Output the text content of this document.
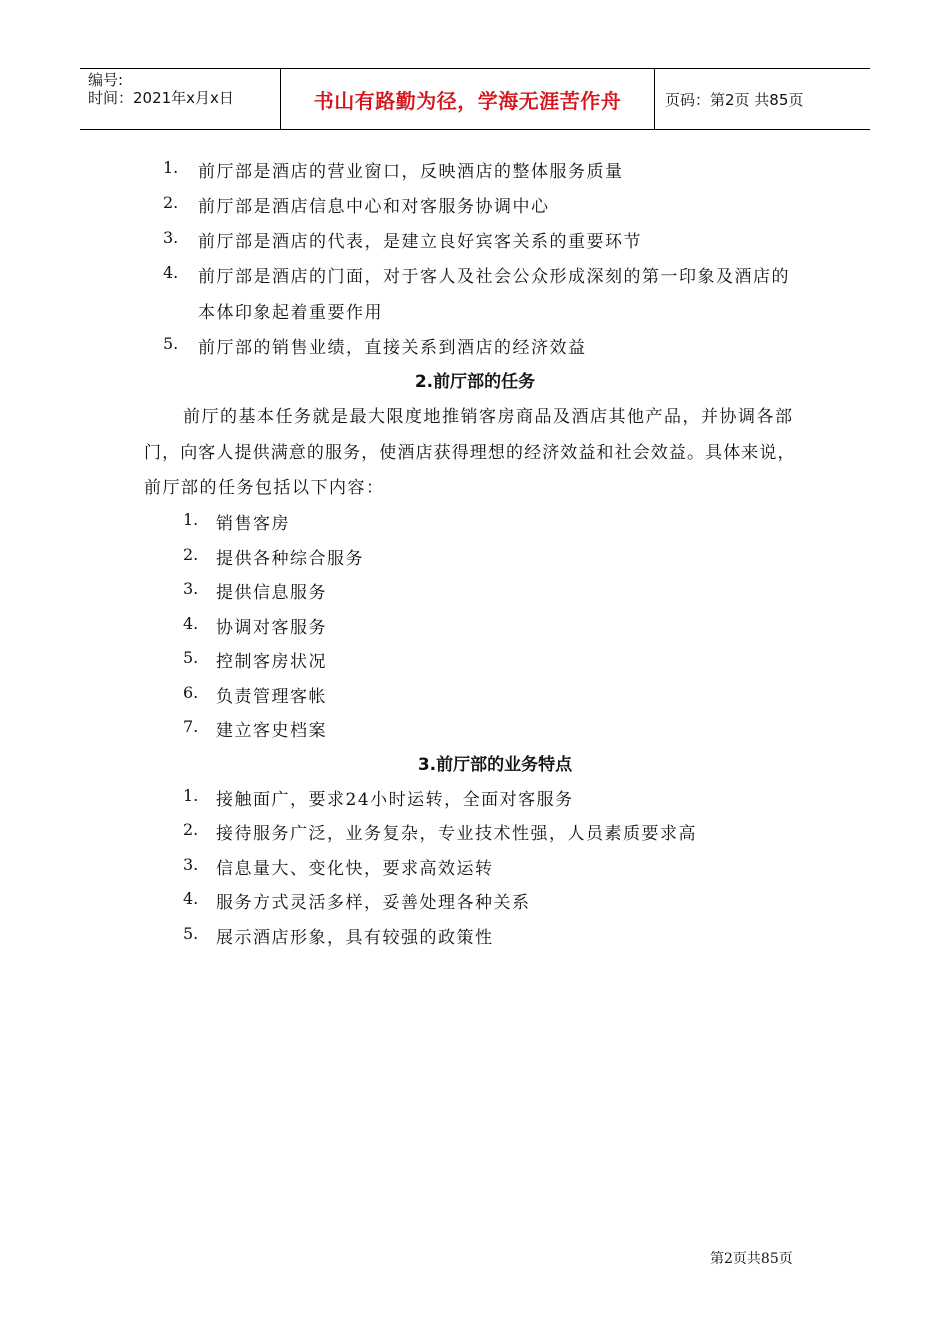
编号:
时间：2021年x月x日	书山有路勤为径，学海无涯苦作舟	页码：第2页 共85页
1. 前厅部是酒店的营业窗口，反映酒店的整体服务质量
2. 前厅部是酒店信息中心和对客服务协调中心
3. 前厅部是酒店的代表，是建立良好宾客关系的重要环节
4. 前厅部是酒店的门面，对于客人及社会公众形成深刻的第一印象及酒店的
本体印象起着重要作用
5. 前厅部的销售业绩，直接关系到酒店的经济效益
2.前厅部的任务
前厅的基本任务就是最大限度地推销客房商品及酒店其他产品，并协调各部
门，向客人提供满意的服务，使酒店获得理想的经济效益和社会效益。具体来说，
前厅部的任务包括以下内容：
1. 销售客房
2. 提供各种综合服务
3. 提供信息服务
4. 协调对客服务
5. 控制客房状况
6. 负责管理客帐
7. 建立客史档案
3.前厅部的业务特点
1. 接触面广，要求24小时运转，全面对客服务
2. 接待服务广泛，业务复杂，专业技术性强，人员素质要求高
3. 信息量大、变化快，要求高效运转
4. 服务方式灵活多样，妥善处理各种关系
5. 展示酒店形象，具有较强的政策性
第2页共85页
